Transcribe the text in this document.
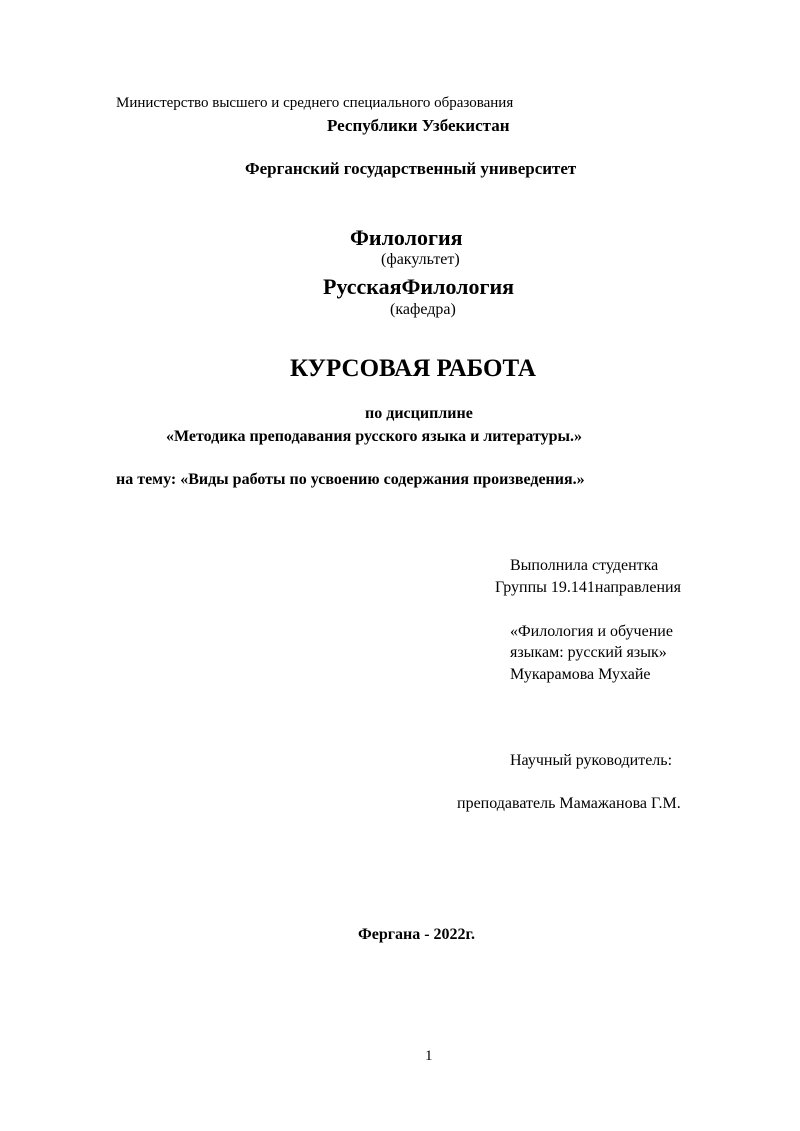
Министерство высшего и среднего специального образования
Республики Узбекистан
Ферганский государственный университет
Филология
(факультет)
РусскаяФилология
(кафедра)
КУРСОВАЯ РАБОТА
по дисциплине
«Методика преподавания русского языка и литературы.»
на тему: «Виды работы по усвоению содержания произведения.»
Выполнила студентка
Группы 19.141направления
«Филология и обучение
языкам: русский язык»
Мукарамова Мухайе
Научный руководитель:
преподаватель Мамажанова Г.М.
Фергана - 2022г.
1
